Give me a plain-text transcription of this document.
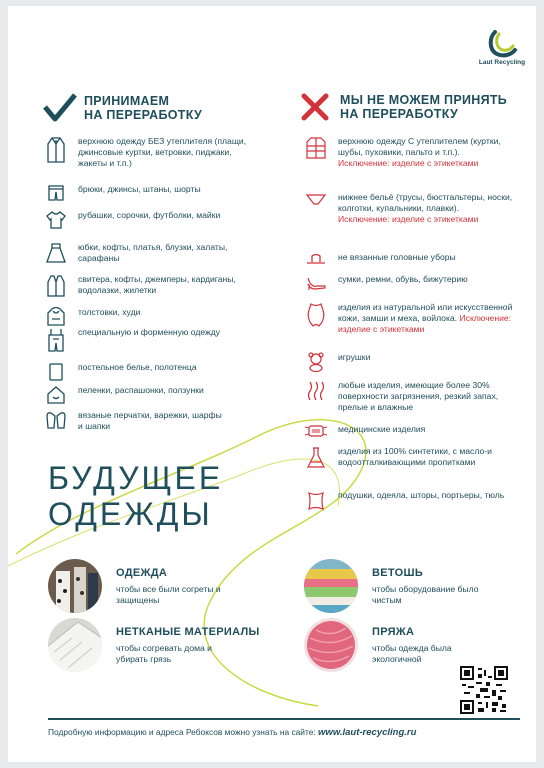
Laut Recycling
ПРИНИМАЕМ
НА ПЕРЕРАБОТКУ
МЫ НЕ МОЖЕМ ПРИНЯТЬ
НА ПЕРЕРАБОТКУ
верхнюю одежду БЕЗ утеплителя (плащи, джинсовые куртки, ветровки, пиджаки, жакеты и т.п.)
брюки, джинсы, штаны, шорты
рубашки, сорочки, футболки, майки
юбки, кофты, платья, блузки, халаты, сарафаны
свитера, кофты, джемперы, кардиганы, водолазки, жилетки
толстовки, худи
специальную и форменную одежду
постельное белье, полотенца
пеленки, распашонки, ползунки
вязаные перчатки, варежки, шарфы и шапки
верхнюю одежду С утеплителем (куртки, шубы, пуховики, пальто и т.п.). Исключение: изделие с этикетками
нижнее бельё (трусы, бюстгальтеры, носки, колготки, купальники, плавки). Исключение: изделие с этикетками
не вязанные головные уборы
сумки, ремни, обувь, бижутерию
изделия из натуральной или искусственной кожи, замши и меха, войлока. Исключение: изделие с этикетками
игрушки
любые изделия, имеющие более 30% поверхности загрязнения, резкий запах, прелые и влажные
медицинские изделия
изделия из 100% синтетики, с масло-и водоотталкивающими пропитками
подушки, одеяла, шторы, портьеры, тюль
БУДУЩЕЕ
ОДЕЖДЫ
ОДЕЖДА
чтобы все были согреты и защищены
ВЕТОШЬ
чтобы оборудование было чистым
НЕТКАНЫЕ МАТЕРИАЛЫ
чтобы согревать дома и убирать грязь
ПРЯЖА
чтобы одежда была экологичной
Подробную информацию и адреса Ребоксов можно узнать на сайте: www.laut-recycling.ru
